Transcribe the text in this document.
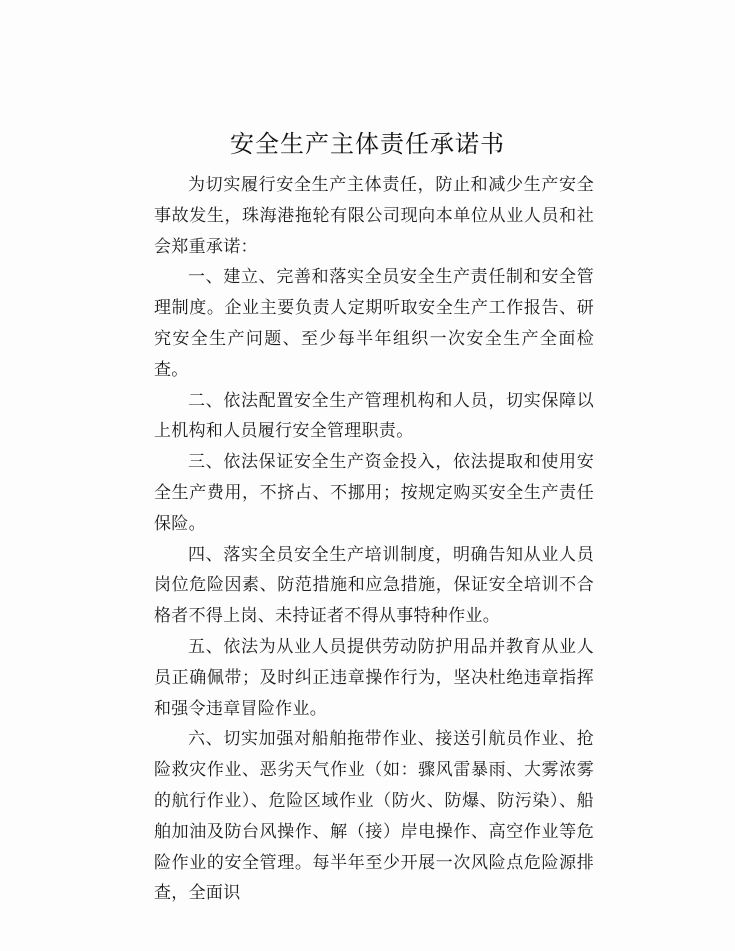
安全生产主体责任承诺书

为切实履行安全生产主体责任，防止和减少生产安全事故发生，珠海港拖轮有限公司现向本单位从业人员和社会郑重承诺：

一、建立、完善和落实全员安全生产责任制和安全管理制度。企业主要负责人定期听取安全生产工作报告、研究安全生产问题、至少每半年组织一次安全生产全面检查。

二、依法配置安全生产管理机构和人员，切实保障以上机构和人员履行安全管理职责。

三、依法保证安全生产资金投入，依法提取和使用安全生产费用，不挤占、不挪用；按规定购买安全生产责任保险。

四、落实全员安全生产培训制度，明确告知从业人员岗位危险因素、防范措施和应急措施，保证安全培训不合格者不得上岗、未持证者不得从事特种作业。

五、依法为从业人员提供劳动防护用品并教育从业人员正确佩带；及时纠正违章操作行为，坚决杜绝违章指挥和强令违章冒险作业。

六、切实加强对船舶拖带作业、接送引航员作业、抢险救灾作业、恶劣天气作业（如：骤风雷暴雨、大雾浓雾的航行作业）、危险区域作业（防火、防爆、防污染）、船舶加油及防台风操作、解（接）岸电操作、高空作业等危险作业的安全管理。每半年至少开展一次风险点危险源排查，全面识
